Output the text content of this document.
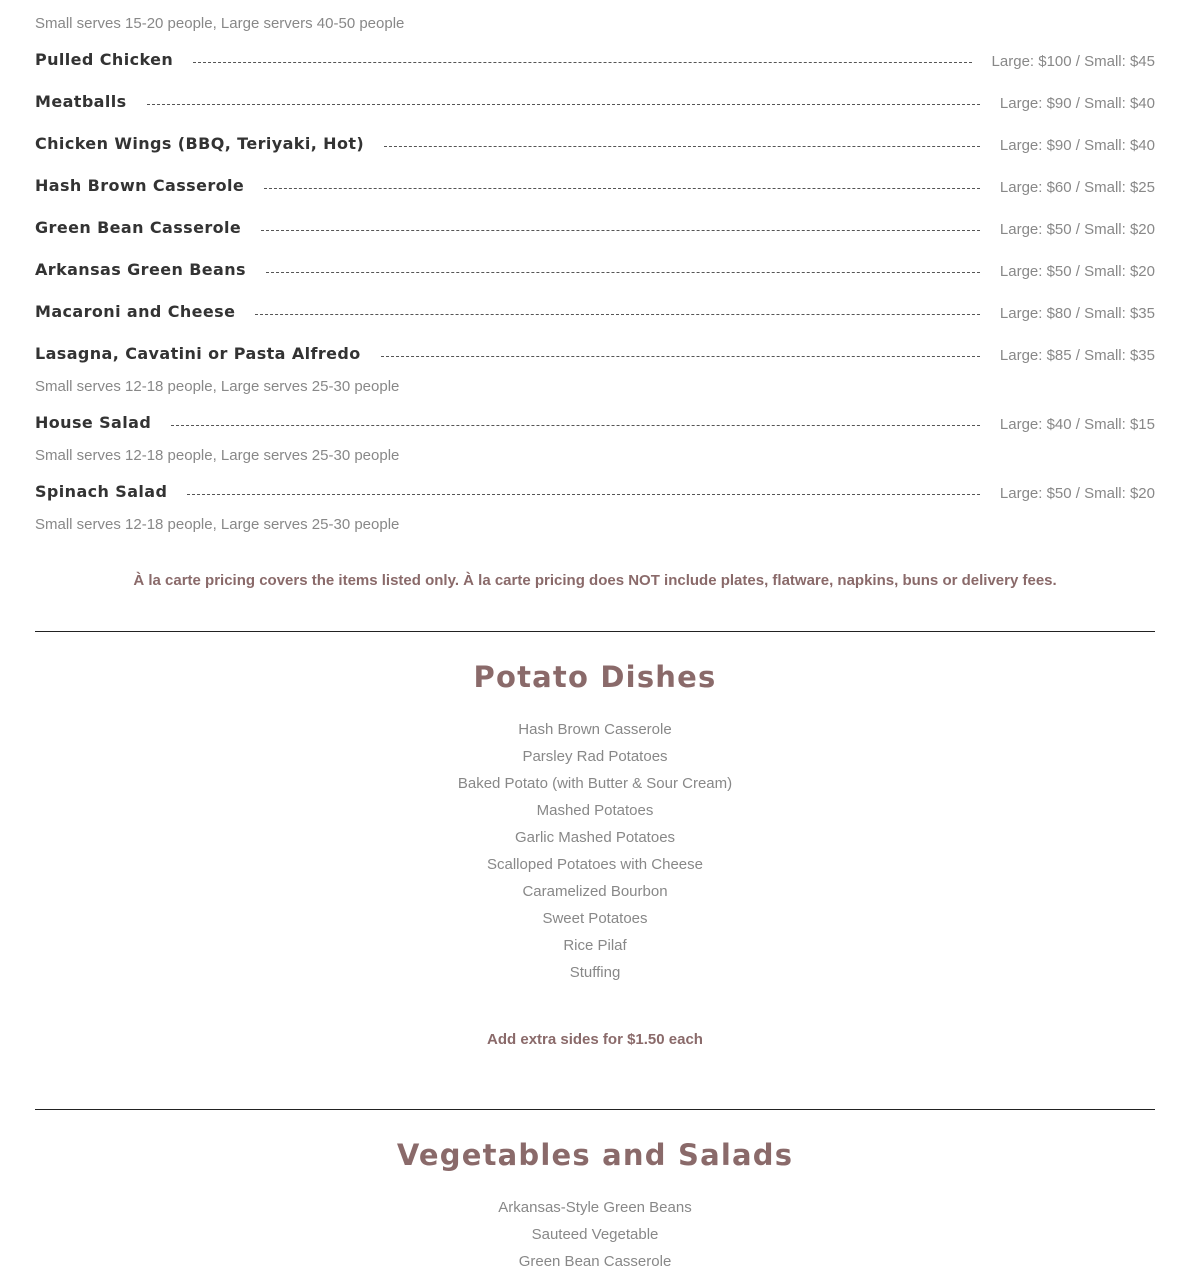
Small serves 15-20 people, Large servers 40-50 people
Pulled Chicken	Large: $100 / Small: $45
Meatballs	Large: $90 / Small: $40
Chicken Wings (BBQ, Teriyaki, Hot)	Large: $90 / Small: $40
Hash Brown Casserole	Large: $60 / Small: $25
Green Bean Casserole	Large: $50 / Small: $20
Arkansas Green Beans	Large: $50 / Small: $20
Macaroni and Cheese	Large: $80 / Small: $35
Lasagna, Cavatini or Pasta Alfredo	Large: $85 / Small: $35
Small serves 12-18 people, Large serves 25-30 people
House Salad	Large: $40 / Small: $15
Small serves 12-18 people, Large serves 25-30 people
Spinach Salad	Large: $50 / Small: $20
Small serves 12-18 people, Large serves 25-30 people
À la carte pricing covers the items listed only. À la carte pricing does NOT include plates, flatware, napkins, buns or delivery fees.
Potato Dishes
Hash Brown Casserole
Parsley Rad Potatoes
Baked Potato (with Butter & Sour Cream)
Mashed Potatoes
Garlic Mashed Potatoes
Scalloped Potatoes with Cheese
Caramelized Bourbon
Sweet Potatoes
Rice Pilaf
Stuffing
Add extra sides for $1.50 each
Vegetables and Salads
Arkansas-Style Green Beans
Sauteed Vegetable
Green Bean Casserole
